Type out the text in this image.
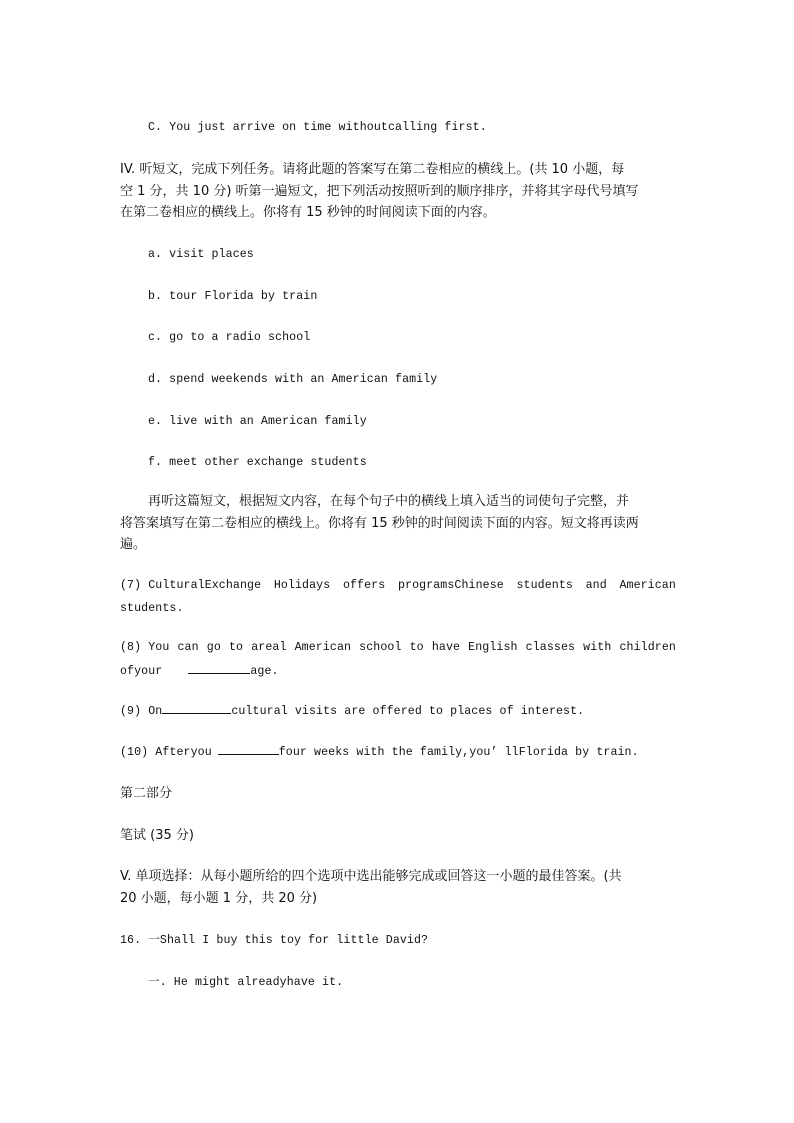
C. You just arrive on time withoutcalling first.
IV. 听短文，完成下列任务。请将此题的答案写在第二卷相应的横线上。(共 10 小题，每
空 1 分，共 10 分) 听第一遍短文，把下列活动按照听到的顺序排序，并将其字母代号填写
在第二卷相应的横线上。你将有 15 秒钟的时间阅读下面的内容。
a. visit places
b. tour Florida by train
c. go to a radio school
d. spend weekends with an American family
e. live with an American family
f. meet other exchange students
再听这篇短文，根据短文内容，在每个句子中的横线上填入适当的词使句子完整，并
将答案填写在第二卷相应的横线上。你将有 15 秒钟的时间阅读下面的内容。短文将再读两
遍。
(7) CulturalExchange Holidays offers programsChinese students and American
students.
(8) You can go to areal American school to have English classes with children
ofyour	age.
(9) On	cultural visits are offered to places of interest.
(10) Afteryou	four weeks with the family,you’ llFlorida by train.
第二部分
笔试 (35 分)
V. 单项选择：从每小题所给的四个选项中选出能够完成或回答这一小题的最佳答案。(共
20 小题，每小题 1 分，共 20 分)
16. 一Shall I buy this toy for little David?
一. He might alreadyhave it.
